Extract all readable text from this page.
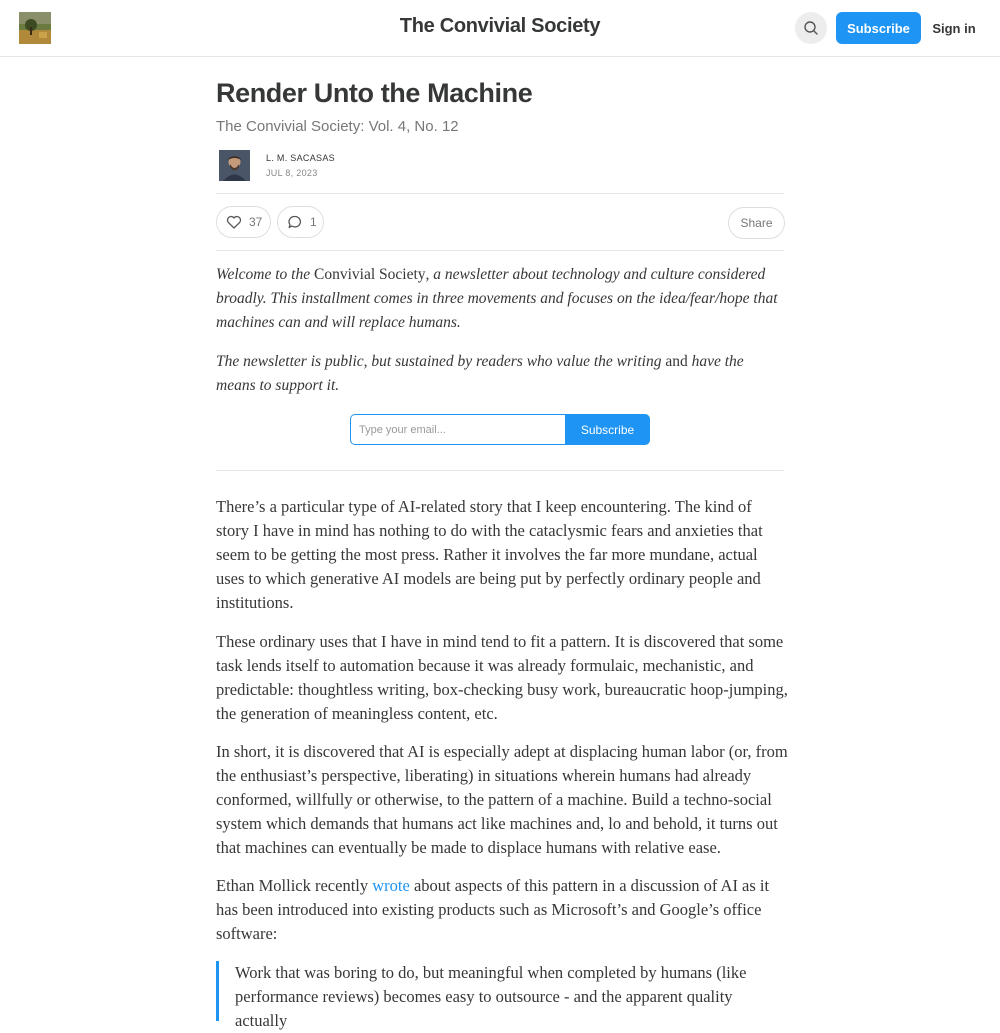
The Convivial Society	Subscribe	Sign in
Render Unto the Machine
The Convivial Society: Vol. 4, No. 12
L. M. SACASAS
JUL 8, 2023
37	1	Share
Welcome to the Convivial Society, a newsletter about technology and culture considered broadly. This installment comes in three movements and focuses on the idea/fear/hope that machines can and will replace humans.
The newsletter is public, but sustained by readers who value the writing and have the means to support it.
Type your email...	Subscribe
There’s a particular type of AI-related story that I keep encountering. The kind of story I have in mind has nothing to do with the cataclysmic fears and anxieties that seem to be getting the most press. Rather it involves the far more mundane, actual uses to which generative AI models are being put by perfectly ordinary people and institutions.
These ordinary uses that I have in mind tend to fit a pattern. It is discovered that some task lends itself to automation because it was already formulaic, mechanistic, and predictable: thoughtless writing, box-checking busy work, bureaucratic hoop-jumping, the generation of meaningless content, etc.
In short, it is discovered that AI is especially adept at displacing human labor (or, from the enthusiast’s perspective, liberating) in situations wherein humans had already conformed, willfully or otherwise, to the pattern of a machine. Build a techno-social system which demands that humans act like machines and, lo and behold, it turns out that machines can eventually be made to displace humans with relative ease.
Ethan Mollick recently wrote about aspects of this pattern in a discussion of AI as it has been introduced into existing products such as Microsoft’s and Google’s office software:
Work that was boring to do, but meaningful when completed by humans (like performance reviews) becomes easy to outsource - and the apparent quality actually
